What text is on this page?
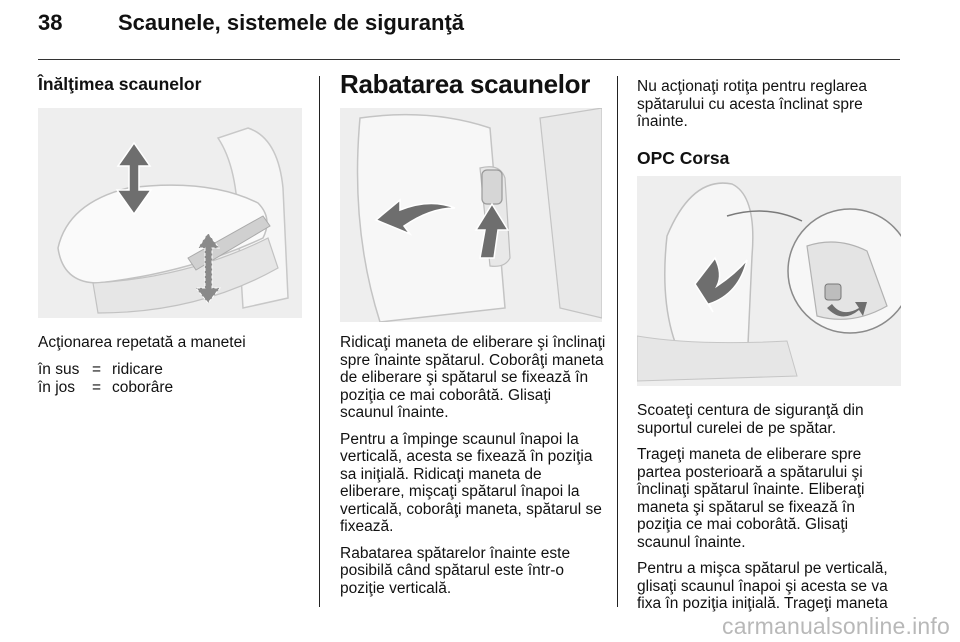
38	Scaunele, sistemele de siguranţă
Înălţimea scaunelor

Acţionarea repetată a manetei

în sus	=	ridicare
în jos	=	coborâre
Rabatarea scaunelor

Ridicaţi maneta de eliberare şi înclinaţi spre înainte spătarul. Coborâţi maneta de eliberare şi spătarul se fixează în poziţia ce mai coborâtă. Glisaţi scaunul înainte.

Pentru a împinge scaunul înapoi la verticală, acesta se fixează în poziţia sa iniţială. Ridicaţi maneta de eliberare, mişcaţi spătarul înapoi la verticală, coborâţi maneta, spătarul se fixează.

Rabatarea spătarelor înainte este posibilă când spătarul este într-o poziţie verticală.

Nu acţionaţi rotiţa pentru reglarea spătarului cu acesta înclinat spre înainte.

OPC Corsa

Scoateţi centura de siguranţă din suportul curelei de pe spătar.

Trageţi maneta de eliberare spre partea posterioară a spătarului şi înclinaţi spătarul înainte. Eliberaţi maneta şi spătarul se fixează în poziţia ce mai coborâtă. Glisaţi scaunul înainte.

Pentru a mişca spătarul pe verticală, glisaţi scaunul înapoi şi acesta se va fixa în poziţia iniţială. Trageţi maneta

carmanualsonline.info
